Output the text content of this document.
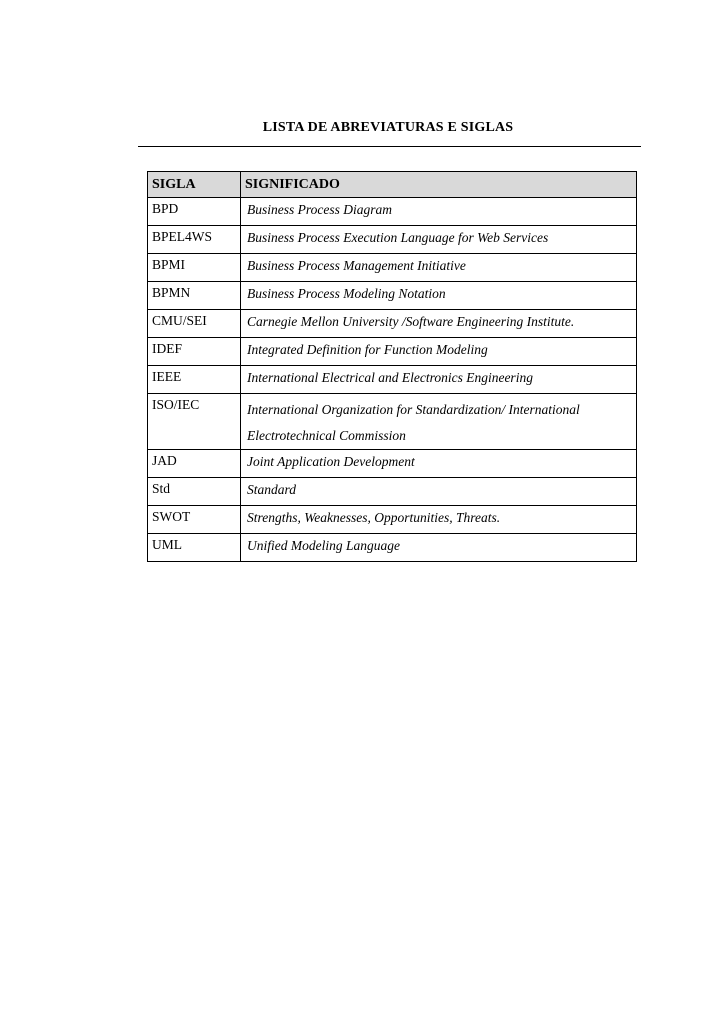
LISTA DE ABREVIATURAS E SIGLAS
SIGLA	SIGNIFICADO
BPD	Business Process Diagram
BPEL4WS	Business Process Execution Language for Web Services
BPMI	Business Process Management Initiative
BPMN	Business Process Modeling Notation
CMU/SEI	Carnegie Mellon University /Software Engineering Institute.
IDEF	Integrated Definition for Function Modeling
IEEE	International Electrical and Electronics Engineering
ISO/IEC	International Organization for Standardization/ International Electrotechnical Commission
JAD	Joint Application Development
Std	Standard
SWOT	Strengths, Weaknesses, Opportunities, Threats.
UML	Unified Modeling Language
